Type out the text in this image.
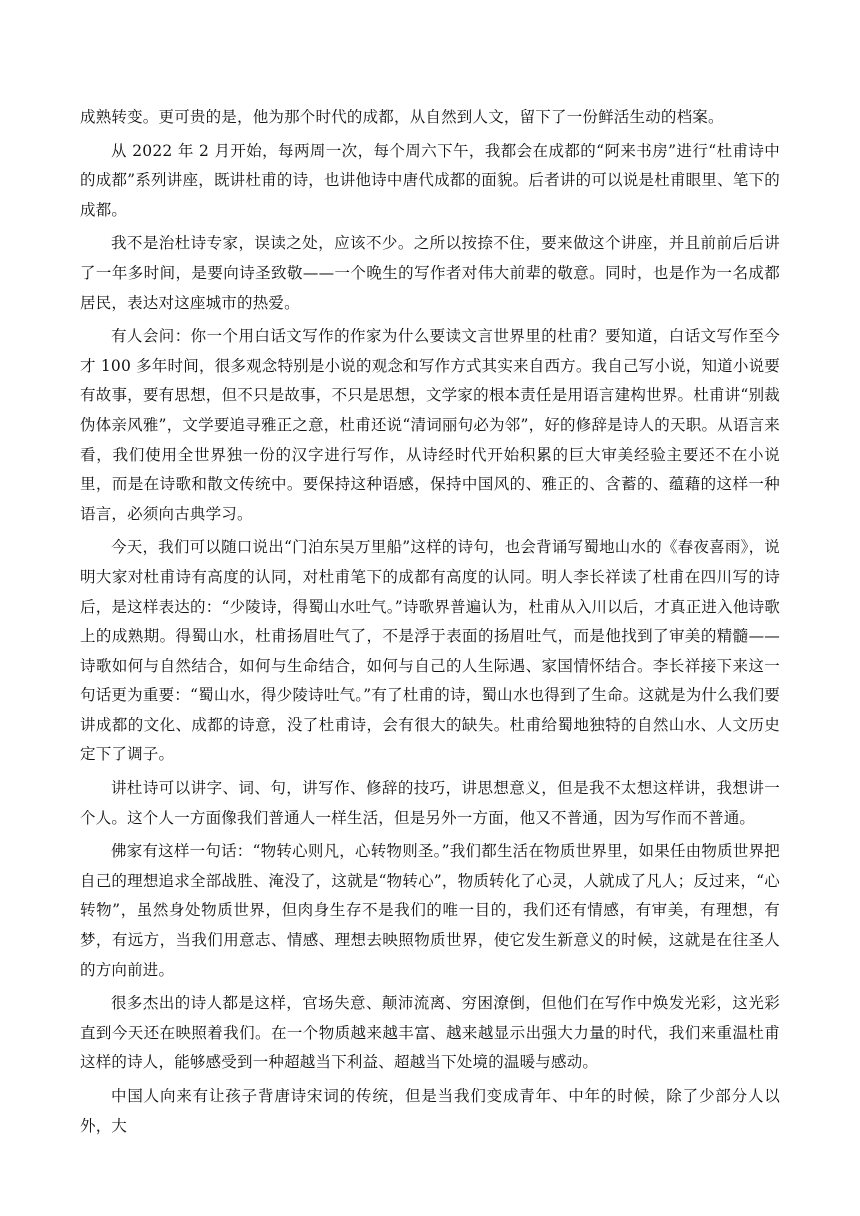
成熟转变。更可贵的是，他为那个时代的成都，从自然到人文，留下了一份鲜活生动的档案。

从 2022 年 2 月开始，每两周一次，每个周六下午，我都会在成都的“阿来书房”进行“杜甫诗中的成都”系列讲座，既讲杜甫的诗，也讲他诗中唐代成都的面貌。后者讲的可以说是杜甫眼里、笔下的成都。

我不是治杜诗专家，误读之处，应该不少。之所以按捺不住，要来做这个讲座，并且前前后后讲了一年多时间，是要向诗圣致敬——一个晚生的写作者对伟大前辈的敬意。同时，也是作为一名成都居民，表达对这座城市的热爱。

有人会问：你一个用白话文写作的作家为什么要读文言世界里的杜甫？要知道，白话文写作至今才 100 多年时间，很多观念特别是小说的观念和写作方式其实来自西方。我自己写小说，知道小说要有故事，要有思想，但不只是故事，不只是思想，文学家的根本责任是用语言建构世界。杜甫讲“别裁伪体亲风雅”，文学要追寻雅正之意，杜甫还说“清词丽句必为邻”，好的修辞是诗人的天职。从语言来看，我们使用全世界独一份的汉字进行写作，从诗经时代开始积累的巨大审美经验主要还不在小说里，而是在诗歌和散文传统中。要保持这种语感，保持中国风的、雅正的、含蓄的、蕴藉的这样一种语言，必须向古典学习。

今天，我们可以随口说出“门泊东吴万里船”这样的诗句，也会背诵写蜀地山水的《春夜喜雨》，说明大家对杜甫诗有高度的认同，对杜甫笔下的成都有高度的认同。明人李长祥读了杜甫在四川写的诗后，是这样表达的：“少陵诗，得蜀山水吐气。”诗歌界普遍认为，杜甫从入川以后，才真正进入他诗歌上的成熟期。得蜀山水，杜甫扬眉吐气了，不是浮于表面的扬眉吐气，而是他找到了审美的精髓——诗歌如何与自然结合，如何与生命结合，如何与自己的人生际遇、家国情怀结合。李长祥接下来这一句话更为重要：“蜀山水，得少陵诗吐气。”有了杜甫的诗，蜀山水也得到了生命。这就是为什么我们要讲成都的文化、成都的诗意，没了杜甫诗，会有很大的缺失。杜甫给蜀地独特的自然山水、人文历史定下了调子。

讲杜诗可以讲字、词、句，讲写作、修辞的技巧，讲思想意义，但是我不太想这样讲，我想讲一个人。这个人一方面像我们普通人一样生活，但是另外一方面，他又不普通，因为写作而不普通。

佛家有这样一句话：“物转心则凡，心转物则圣。”我们都生活在物质世界里，如果任由物质世界把自己的理想追求全部战胜、淹没了，这就是“物转心”，物质转化了心灵，人就成了凡人；反过来，“心转物”，虽然身处物质世界，但肉身生存不是我们的唯一目的，我们还有情感，有审美，有理想，有梦，有远方，当我们用意志、情感、理想去映照物质世界，使它发生新意义的时候，这就是在往圣人的方向前进。

很多杰出的诗人都是这样，官场失意、颠沛流离、穷困潦倒，但他们在写作中焕发光彩，这光彩直到今天还在映照着我们。在一个物质越来越丰富、越来越显示出强大力量的时代，我们来重温杜甫这样的诗人，能够感受到一种超越当下利益、超越当下处境的温暖与感动。

中国人向来有让孩子背唐诗宋词的传统，但是当我们变成青年、中年的时候，除了少部分人以外，大
